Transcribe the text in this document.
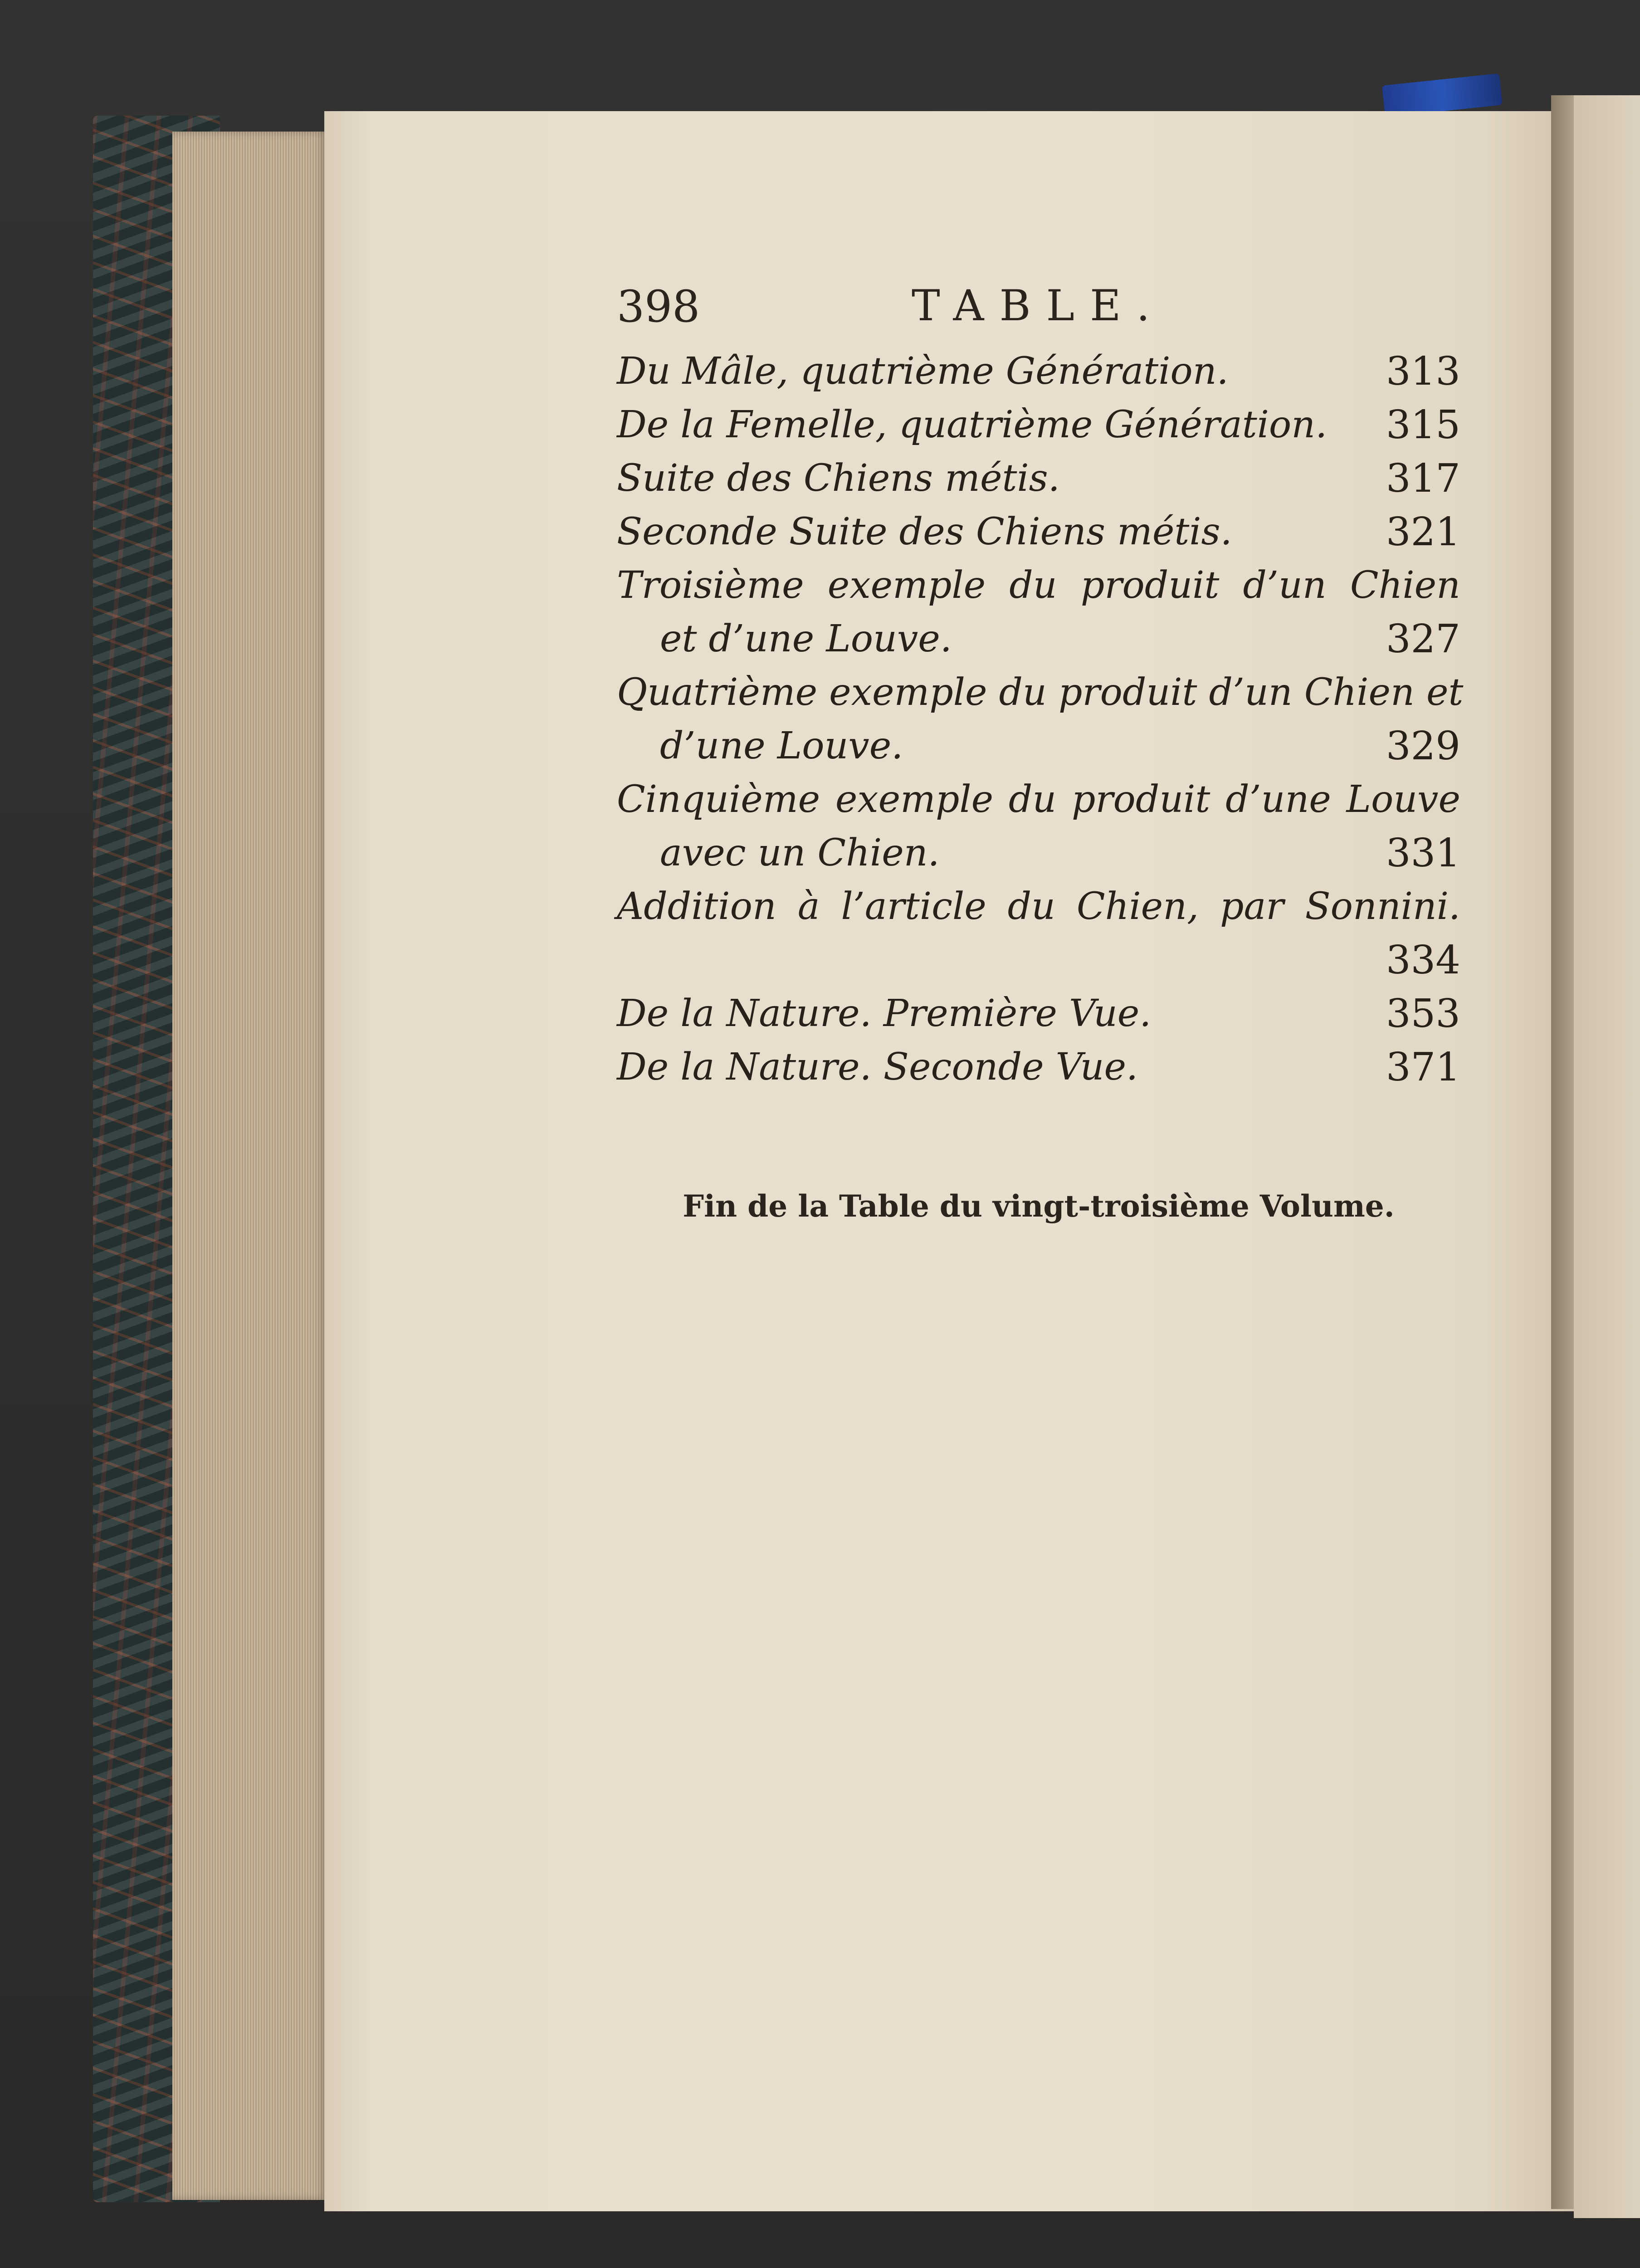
398	TABLE.
Du Mâle, quatrième Génération.	313
De la Femelle, quatrième Génération. 315
Suite des Chiens métis.	317
Seconde Suite des Chiens métis.	321
Troisième exemple du produit d’un Chien
et d’une Louve.	327
Quatrième exemple du produit d’un Chien et
d’une Louve.	329
Cinquième exemple du produit d’une Louve
avec un Chien.	331
Addition à l’article du Chien, par Sonnini.
334
De la Nature. Première Vue.	353
De la Nature. Seconde Vue.	371
Fin de la Table du vingt-troisième Volume.
